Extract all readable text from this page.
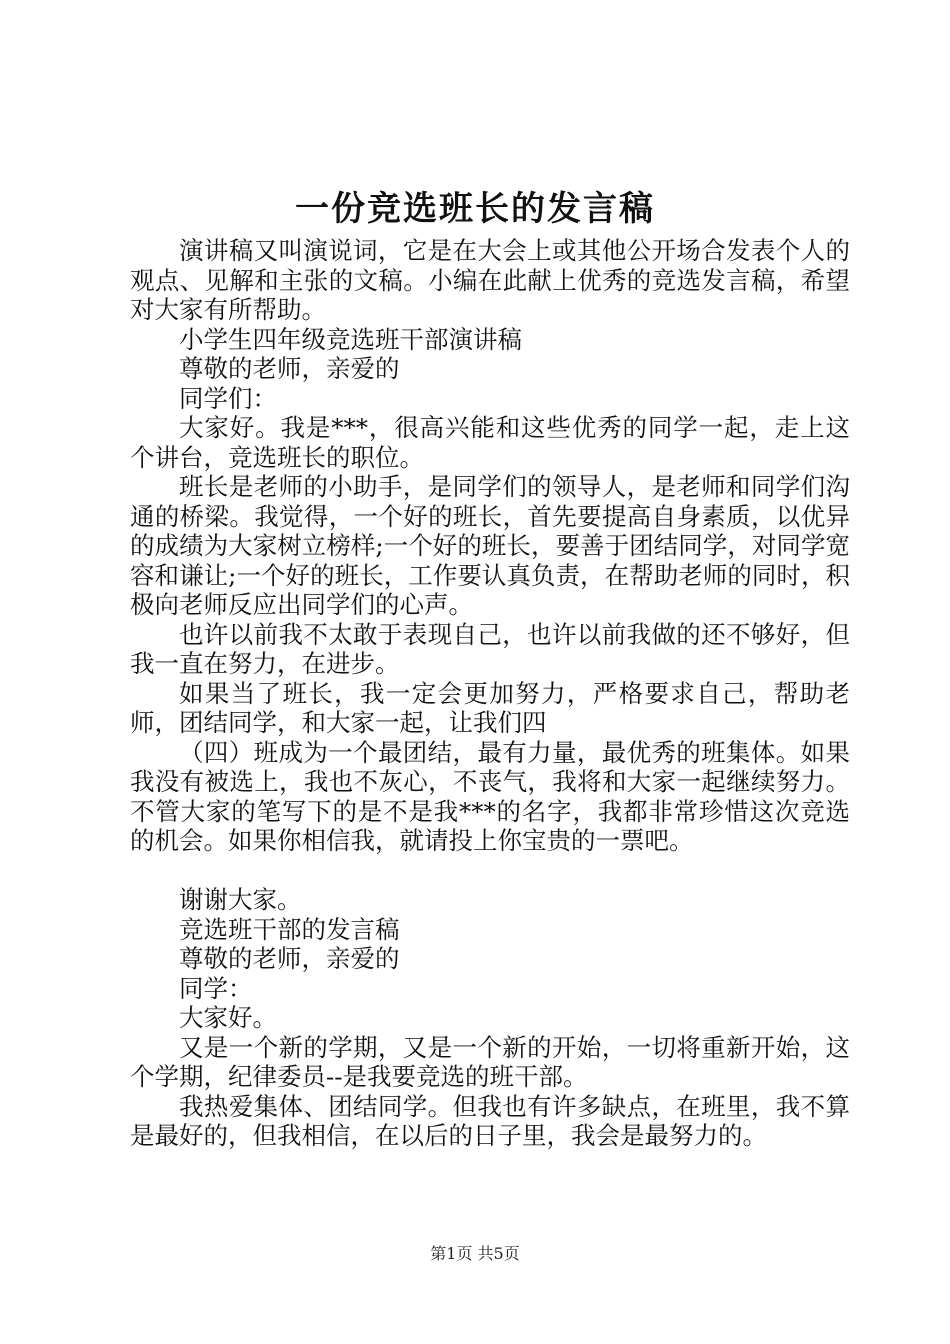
一份竞选班长的发言稿

演讲稿又叫演说词，它是在大会上或其他公开场合发表个人的观点、见解和主张的文稿。小编在此献上优秀的竞选发言稿，希望对大家有所帮助。

小学生四年级竞选班干部演讲稿

尊敬的老师，亲爱的

同学们：

大家好。我是***，很高兴能和这些优秀的同学一起，走上这个讲台，竞选班长的职位。

班长是老师的小助手，是同学们的领导人，是老师和同学们沟通的桥梁。我觉得，一个好的班长，首先要提高自身素质，以优异的成绩为大家树立榜样;一个好的班长，要善于团结同学，对同学宽容和谦让;一个好的班长，工作要认真负责，在帮助老师的同时，积极向老师反应出同学们的心声。

也许以前我不太敢于表现自己，也许以前我做的还不够好，但我一直在努力，在进步。

如果当了班长，我一定会更加努力，严格要求自己，帮助老师，团结同学，和大家一起，让我们四

（四）班成为一个最团结，最有力量，最优秀的班集体。如果我没有被选上，我也不灰心，不丧气，我将和大家一起继续努力。不管大家的笔写下的是不是我***的名字，我都非常珍惜这次竞选的机会。如果你相信我，就请投上你宝贵的一票吧。

谢谢大家。

竞选班干部的发言稿

尊敬的老师，亲爱的

同学：

大家好。

又是一个新的学期，又是一个新的开始，一切将重新开始，这个学期，纪律委员--是我要竞选的班干部。

我热爱集体、团结同学。但我也有许多缺点，在班里，我不算是最好的，但我相信，在以后的日子里，我会是最努力的。

第1页 共5页
